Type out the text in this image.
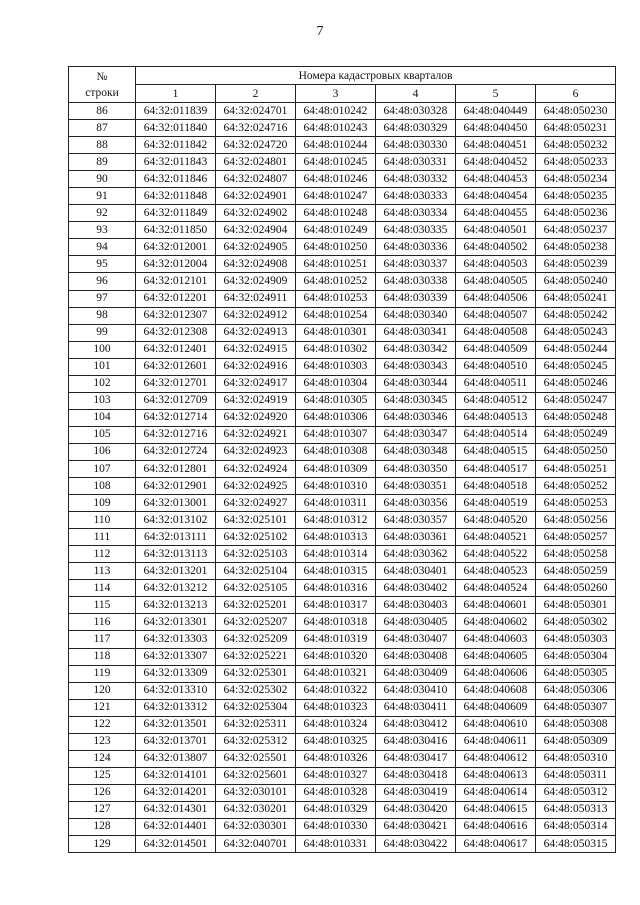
7
№
строки	Номера кадастровых кварталов					
	1	2	3	4	5	6
86	64:32:011839	64:32:024701	64:48:010242	64:48:030328	64:48:040449	64:48:050230
87	64:32:011840	64:32:024716	64:48:010243	64:48:030329	64:48:040450	64:48:050231
88	64:32:011842	64:32:024720	64:48:010244	64:48:030330	64:48:040451	64:48:050232
89	64:32:011843	64:32:024801	64:48:010245	64:48:030331	64:48:040452	64:48:050233
90	64:32:011846	64:32:024807	64:48:010246	64:48:030332	64:48:040453	64:48:050234
91	64:32:011848	64:32:024901	64:48:010247	64:48:030333	64:48:040454	64:48:050235
92	64:32:011849	64:32:024902	64:48:010248	64:48:030334	64:48:040455	64:48:050236
93	64:32:011850	64:32:024904	64:48:010249	64:48:030335	64:48:040501	64:48:050237
94	64:32:012001	64:32:024905	64:48:010250	64:48:030336	64:48:040502	64:48:050238
95	64:32:012004	64:32:024908	64:48:010251	64:48:030337	64:48:040503	64:48:050239
96	64:32:012101	64:32:024909	64:48:010252	64:48:030338	64:48:040505	64:48:050240
97	64:32:012201	64:32:024911	64:48:010253	64:48:030339	64:48:040506	64:48:050241
98	64:32:012307	64:32:024912	64:48:010254	64:48:030340	64:48:040507	64:48:050242
99	64:32:012308	64:32:024913	64:48:010301	64:48:030341	64:48:040508	64:48:050243
100	64:32:012401	64:32:024915	64:48:010302	64:48:030342	64:48:040509	64:48:050244
101	64:32:012601	64:32:024916	64:48:010303	64:48:030343	64:48:040510	64:48:050245
102	64:32:012701	64:32:024917	64:48:010304	64:48:030344	64:48:040511	64:48:050246
103	64:32:012709	64:32:024919	64:48:010305	64:48:030345	64:48:040512	64:48:050247
104	64:32:012714	64:32:024920	64:48:010306	64:48:030346	64:48:040513	64:48:050248
105	64:32:012716	64:32:024921	64:48:010307	64:48:030347	64:48:040514	64:48:050249
106	64:32:012724	64:32:024923	64:48:010308	64:48:030348	64:48:040515	64:48:050250
107	64:32:012801	64:32:024924	64:48:010309	64:48:030350	64:48:040517	64:48:050251
108	64:32:012901	64:32:024925	64:48:010310	64:48:030351	64:48:040518	64:48:050252
109	64:32:013001	64:32:024927	64:48:010311	64:48:030356	64:48:040519	64:48:050253
110	64:32:013102	64:32:025101	64:48:010312	64:48:030357	64:48:040520	64:48:050256
111	64:32:013111	64:32:025102	64:48:010313	64:48:030361	64:48:040521	64:48:050257
112	64:32:013113	64:32:025103	64:48:010314	64:48:030362	64:48:040522	64:48:050258
113	64:32:013201	64:32:025104	64:48:010315	64:48:030401	64:48:040523	64:48:050259
114	64:32:013212	64:32:025105	64:48:010316	64:48:030402	64:48:040524	64:48:050260
115	64:32:013213	64:32:025201	64:48:010317	64:48:030403	64:48:040601	64:48:050301
116	64:32:013301	64:32:025207	64:48:010318	64:48:030405	64:48:040602	64:48:050302
117	64:32:013303	64:32:025209	64:48:010319	64:48:030407	64:48:040603	64:48:050303
118	64:32:013307	64:32:025221	64:48:010320	64:48:030408	64:48:040605	64:48:050304
119	64:32:013309	64:32:025301	64:48:010321	64:48:030409	64:48:040606	64:48:050305
120	64:32:013310	64:32:025302	64:48:010322	64:48:030410	64:48:040608	64:48:050306
121	64:32:013312	64:32:025304	64:48:010323	64:48:030411	64:48:040609	64:48:050307
122	64:32:013501	64:32:025311	64:48:010324	64:48:030412	64:48:040610	64:48:050308
123	64:32:013701	64:32:025312	64:48:010325	64:48:030416	64:48:040611	64:48:050309
124	64:32:013807	64:32:025501	64:48:010326	64:48:030417	64:48:040612	64:48:050310
125	64:32:014101	64:32:025601	64:48:010327	64:48:030418	64:48:040613	64:48:050311
126	64:32:014201	64:32:030101	64:48:010328	64:48:030419	64:48:040614	64:48:050312
127	64:32:014301	64:32:030201	64:48:010329	64:48:030420	64:48:040615	64:48:050313
128	64:32:014401	64:32:030301	64:48:010330	64:48:030421	64:48:040616	64:48:050314
129	64:32:014501	64:32:040701	64:48:010331	64:48:030422	64:48:040617	64:48:050315
